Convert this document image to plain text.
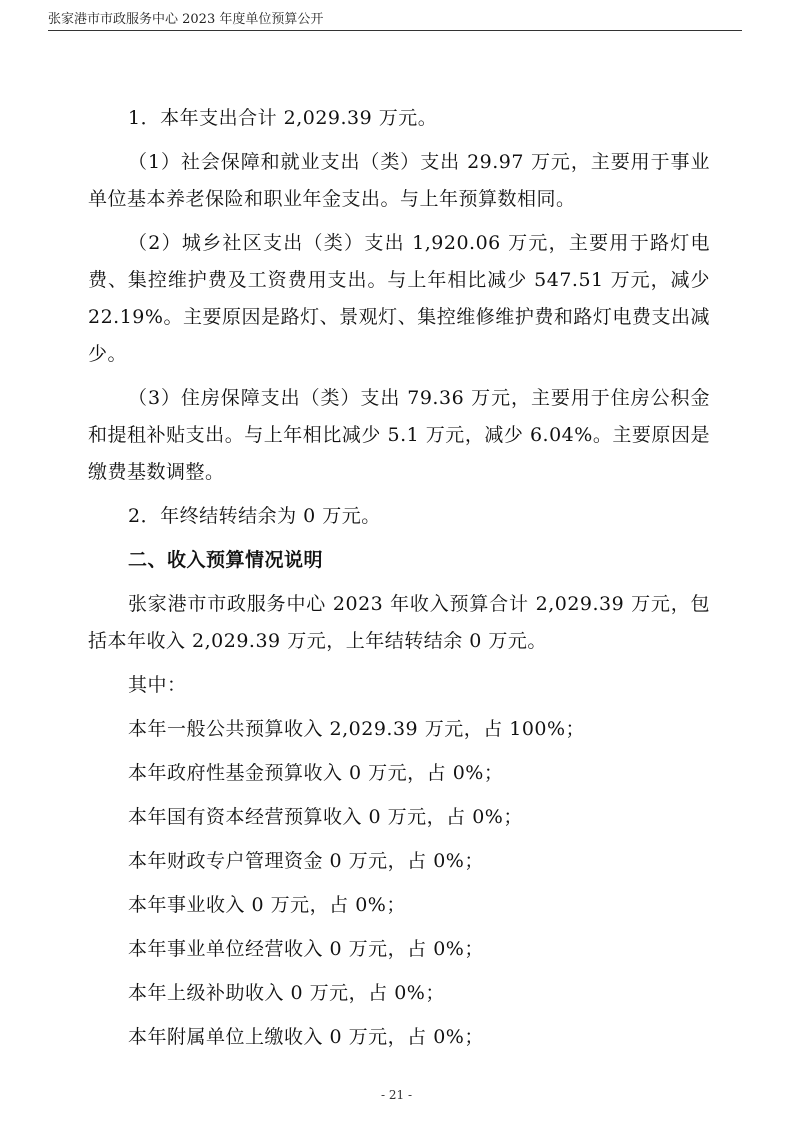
张家港市市政服务中心 2023 年度单位预算公开

1．本年支出合计 2,029.39 万元。

（1）社会保障和就业支出（类）支出 29.97 万元，主要用于事业单位基本养老保险和职业年金支出。与上年预算数相同。

（2）城乡社区支出（类）支出 1,920.06 万元，主要用于路灯电费、集控维护费及工资费用支出。与上年相比减少 547.51 万元，减少 22.19%。主要原因是路灯、景观灯、集控维修维护费和路灯电费支出减少。

（3）住房保障支出（类）支出 79.36 万元，主要用于住房公积金和提租补贴支出。与上年相比减少 5.1 万元，减少 6.04%。主要原因是缴费基数调整。

2．年终结转结余为 0 万元。

二、收入预算情况说明

张家港市市政服务中心 2023 年收入预算合计 2,029.39 万元，包括本年收入 2,029.39 万元，上年结转结余 0 万元。

其中：

本年一般公共预算收入 2,029.39 万元，占 100%；

本年政府性基金预算收入 0 万元，占 0%；

本年国有资本经营预算收入 0 万元，占 0%；

本年财政专户管理资金 0 万元，占 0%；

本年事业收入 0 万元，占 0%；

本年事业单位经营收入 0 万元，占 0%；

本年上级补助收入 0 万元，占 0%；

本年附属单位上缴收入 0 万元，占 0%；

- 21 -
